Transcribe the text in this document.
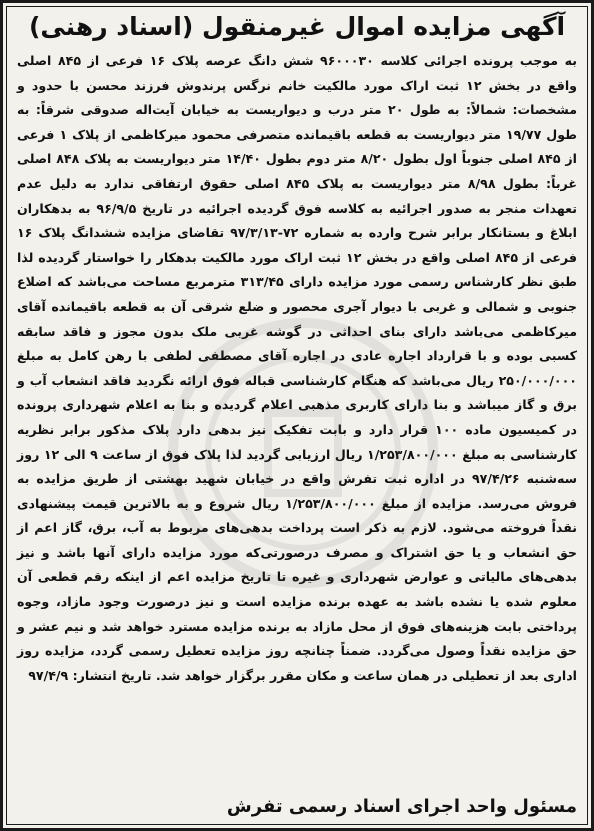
آگهی مزایده اموال غیرمنقول (اسناد رهنی)

به موجب پرونده اجرائی کلاسه ۹۶۰۰۰۳۰ شش دانگ عرصه پلاک ۱۶ فرعی از ۸۴۵ اصلی واقع در بخش ۱۲ ثبت اراک مورد مالکیت خانم نرگس پرندوش فرزند محسن با حدود و مشخصات: شمالاً: به طول ۲۰ متر درب و دیواریست به خیابان آیت‌اله صدوقی شرقاً: به طول ۱۹/۷۷ متر دیواریست به قطعه باقیمانده متصرفی محمود میرکاظمی از پلاک ۱ فرعی از ۸۴۵ اصلی جنوباً اول بطول ۸/۲۰ متر دوم بطول ۱۴/۴۰ متر دیواریست به پلاک ۸۴۸ اصلی غرباً: بطول ۸/۹۸ متر دیواریست به پلاک ۸۴۵ اصلی حقوق ارتفاقی ندارد به دلیل عدم تعهدات منجر به صدور اجرائیه به کلاسه فوق گردیده اجرائیه در تاریخ ۹۶/۹/۵ به بدهکاران ابلاغ و بستانکار برابر شرح وارده به شماره ۷۲-۹۷/۳/۱۳ تقاضای مزایده ششدانگ پلاک ۱۶ فرعی از ۸۴۵ اصلی واقع در بخش ۱۲ ثبت اراک مورد مالکیت بدهکار را خواستار گردیده لذا طبق نظر کارشناس رسمی مورد مزایده دارای ۳۱۳/۴۵ مترمربع مساحت می‌باشد که اضلاع جنوبی و شمالی و غربی با دیوار آجری محصور و ضلع شرقی آن به قطعه باقیمانده آقای میرکاظمی می‌باشد دارای بنای احداثی در گوشه غربی ملک بدون مجوز و فاقد سابقه کسبی بوده و با قرارداد اجاره عادی در اجاره آقای مصطفی لطفی با رهن کامل به مبلغ ۲۵۰/۰۰۰/۰۰۰ ریال می‌باشد که هنگام کارشناسی قباله فوق ارائه نگردید فاقد انشعاب آب و برق و گاز میباشد و بنا دارای کاربری مذهبی اعلام گردیده و بنا به اعلام شهرداری پرونده در کمیسیون ماده ۱۰۰ قرار دارد و بابت تفکیک نیز بدهی دارد پلاک مذکور برابر نظریه کارشناسی به مبلغ ۱/۲۵۳/۸۰۰/۰۰۰ ریال ارزیابی گردید لذا پلاک فوق از ساعت ۹ الی ۱۲ روز سه‌شنبه ۹۷/۴/۲۶ در اداره ثبت تفرش واقع در خیابان شهید بهشتی از طریق مزایده به فروش می‌رسد. مزایده از مبلغ ۱/۲۵۳/۸۰۰/۰۰۰ ریال شروع و به بالاترین قیمت پیشنهادی نقداً فروخته می‌شود. لازم به ذکر است پرداخت بدهی‌های مربوط به آب، برق، گاز اعم از حق انشعاب و یا حق اشتراک و مصرف درصورتی‌که مورد مزایده دارای آنها باشد و نیز بدهی‌های مالیاتی و عوارض شهرداری و غیره تا تاریخ مزایده اعم از اینکه رقم قطعی آن معلوم شده یا نشده باشد به عهده برنده مزایده است و نیز درصورت وجود مازاد، وجوه پرداختی بابت هزینه‌های فوق از محل مازاد به برنده مزایده مسترد خواهد شد و نیم عشر و حق مزایده نقداً وصول می‌گردد. ضمناً چنانچه روز مزایده تعطیل رسمی گردد، مزایده روز اداری بعد از تعطیلی در همان ساعت و مکان مقرر برگزار خواهد شد. تاریخ انتشار: ۹۷/۴/۹

مسئول واحد اجرای اسناد رسمی تفرش
